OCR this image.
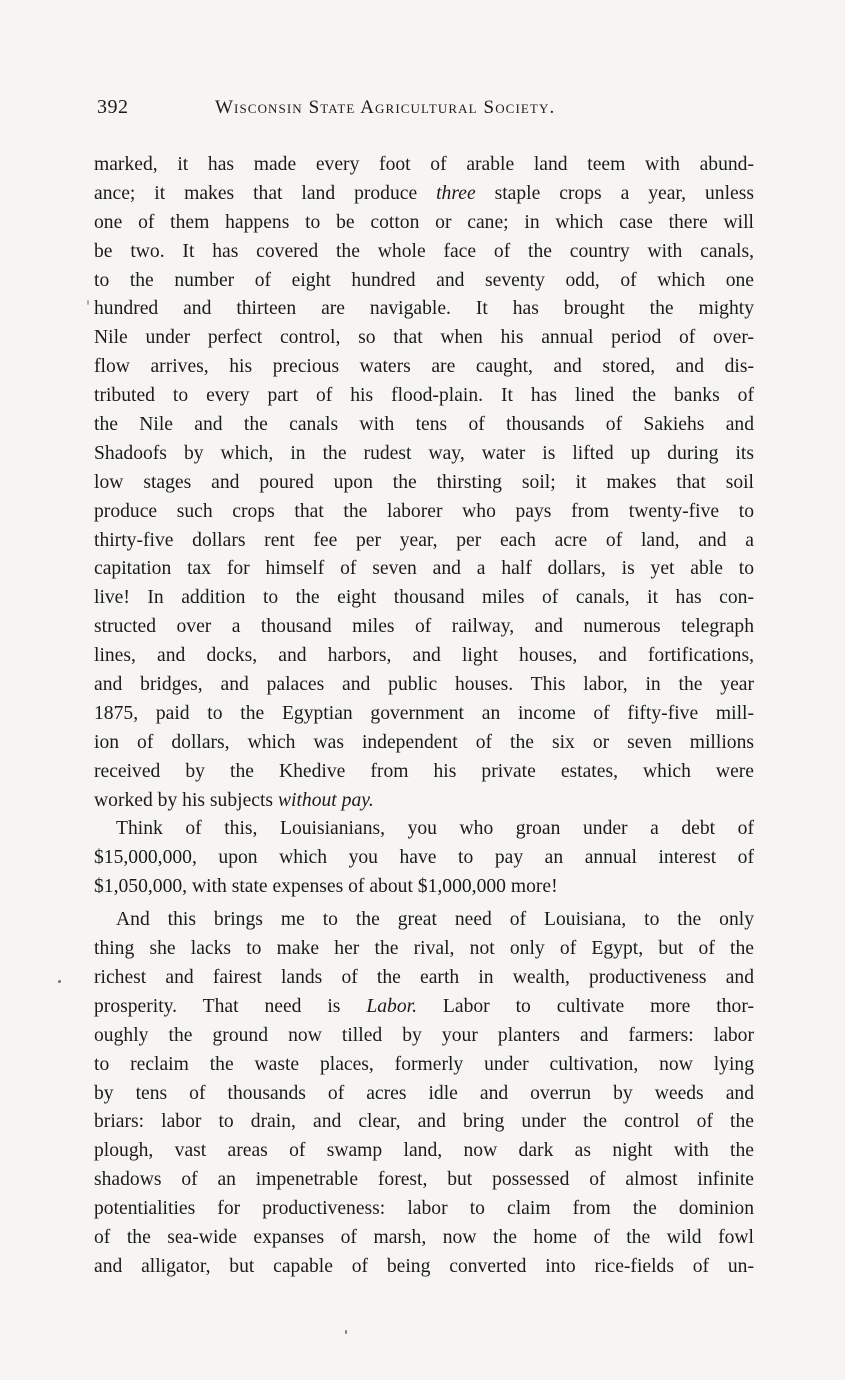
392	Wisconsin State Agricultural Society.
marked, it has made every foot of arable land teem with abund-
ance; it makes that land produce three staple crops a year, unless
one of them happens to be cotton or cane; in which case there will
be two. It has covered the whole face of the country with canals,
to the number of eight hundred and seventy odd, of which one
hundred and thirteen are navigable. It has brought the mighty
Nile under perfect control, so that when his annual period of over-
flow arrives, his precious waters are caught, and stored, and dis-
tributed to every part of his flood-plain. It has lined the banks of
the Nile and the canals with tens of thousands of Sakiehs and
Shadoofs by which, in the rudest way, water is lifted up during its
low stages and poured upon the thirsting soil; it makes that soil
produce such crops that the laborer who pays from twenty-five to
thirty-five dollars rent fee per year, per each acre of land, and a
capitation tax for himself of seven and a half dollars, is yet able to
live! In addition to the eight thousand miles of canals, it has con-
structed over a thousand miles of railway, and numerous telegraph
lines, and docks, and harbors, and light houses, and fortifications,
and bridges, and palaces and public houses. This labor, in the year
1875, paid to the Egyptian government an income of fifty-five mill-
ion of dollars, which was independent of the six or seven millions
received by the Khedive from his private estates, which were
worked by his subjects without pay.
Think of this, Louisianians, you who groan under a debt of
$15,000,000, upon which you have to pay an annual interest of
$1,050,000, with state expenses of about $1,000,000 more!
And this brings me to the great need of Louisiana, to the only
thing she lacks to make her the rival, not only of Egypt, but of the
richest and fairest lands of the earth in wealth, productiveness and
prosperity. That need is Labor. Labor to cultivate more thor-
oughly the ground now tilled by your planters and farmers: labor
to reclaim the waste places, formerly under cultivation, now lying
by tens of thousands of acres idle and overrun by weeds and
briars: labor to drain, and clear, and bring under the control of the
plough, vast areas of swamp land, now dark as night with the
shadows of an impenetrable forest, but possessed of almost infinite
potentialities for productiveness: labor to claim from the dominion
of the sea-wide expanses of marsh, now the home of the wild fowl
and alligator, but capable of being converted into rice-fields of un-
